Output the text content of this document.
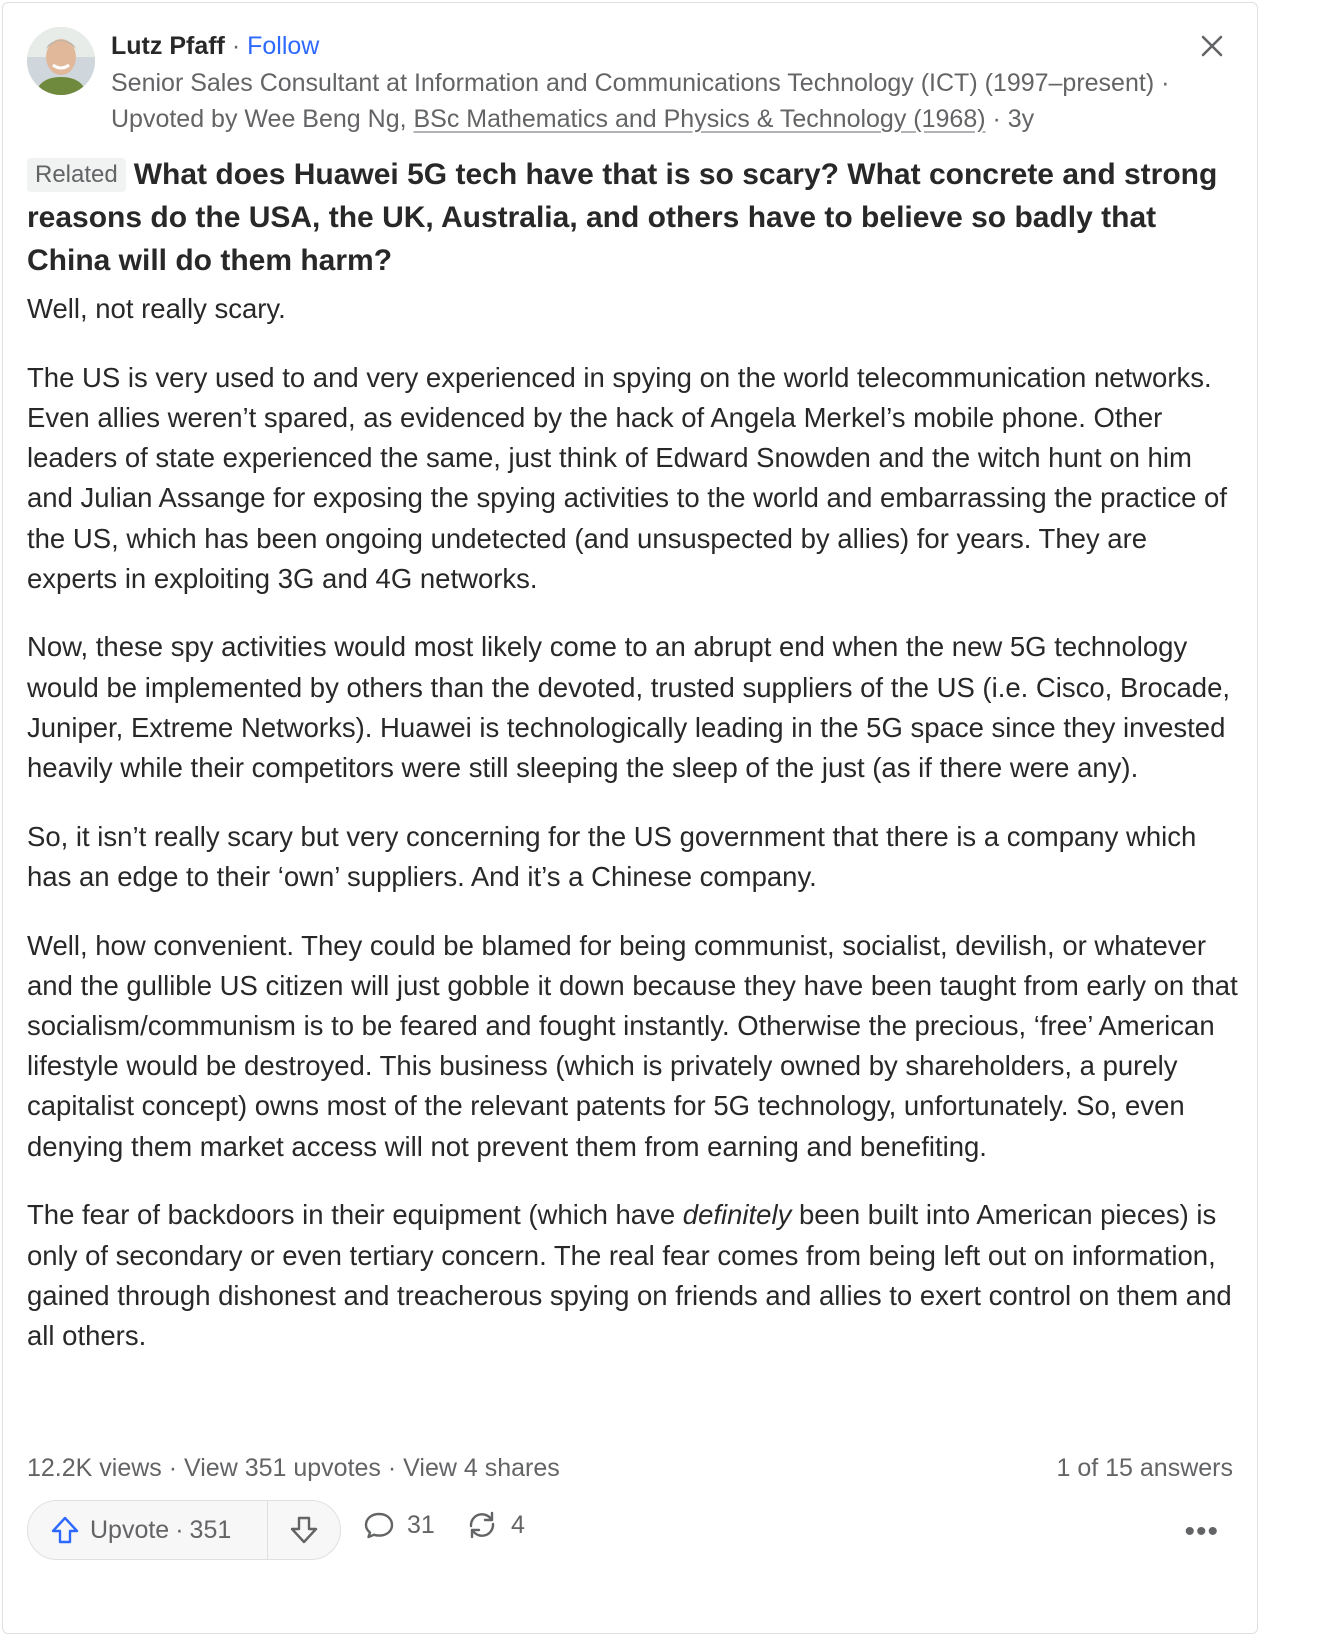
Lutz Pfaff · Follow
Senior Sales Consultant at Information and Communications Technology (ICT) (1997–present) ·
Upvoted by Wee Beng Ng, BSc Mathematics and Physics & Technology (1968) · 3y
Related What does Huawei 5G tech have that is so scary? What concrete and strong reasons do the USA, the UK, Australia, and others have to believe so badly that China will do them harm?

Well, not really scary.

The US is very used to and very experienced in spying on the world telecommunication networks. Even allies weren’t spared, as evidenced by the hack of Angela Merkel’s mobile phone. Other leaders of state experienced the same, just think of Edward Snowden and the witch hunt on him and Julian Assange for exposing the spying activities to the world and embarrassing the practice of the US, which has been ongoing undetected (and unsuspected by allies) for years. They are experts in exploiting 3G and 4G networks.

Now, these spy activities would most likely come to an abrupt end when the new 5G technology would be implemented by others than the devoted, trusted suppliers of the US (i.e. Cisco, Brocade, Juniper, Extreme Networks). Huawei is technologically leading in the 5G space since they invested heavily while their competitors were still sleeping the sleep of the just (as if there were any).

So, it isn’t really scary but very concerning for the US government that there is a company which has an edge to their ‘own’ suppliers. And it’s a Chinese company.

Well, how convenient. They could be blamed for being communist, socialist, devilish, or whatever and the gullible US citizen will just gobble it down because they have been taught from early on that socialism/communism is to be feared and fought instantly. Otherwise the precious, ‘free’ American lifestyle would be destroyed. This business (which is privately owned by shareholders, a purely capitalist concept) owns most of the relevant patents for 5G technology, unfortunately. So, even denying them market access will not prevent them from earning and benefiting.

The fear of backdoors in their equipment (which have definitely been built into American pieces) is only of secondary or even tertiary concern. The real fear comes from being left out on information, gained through dishonest and treacherous spying on friends and allies to exert control on them and all others.

12.2K views · View 351 upvotes · View 4 shares	1 of 15 answers
Upvote · 351	31	4	•••
